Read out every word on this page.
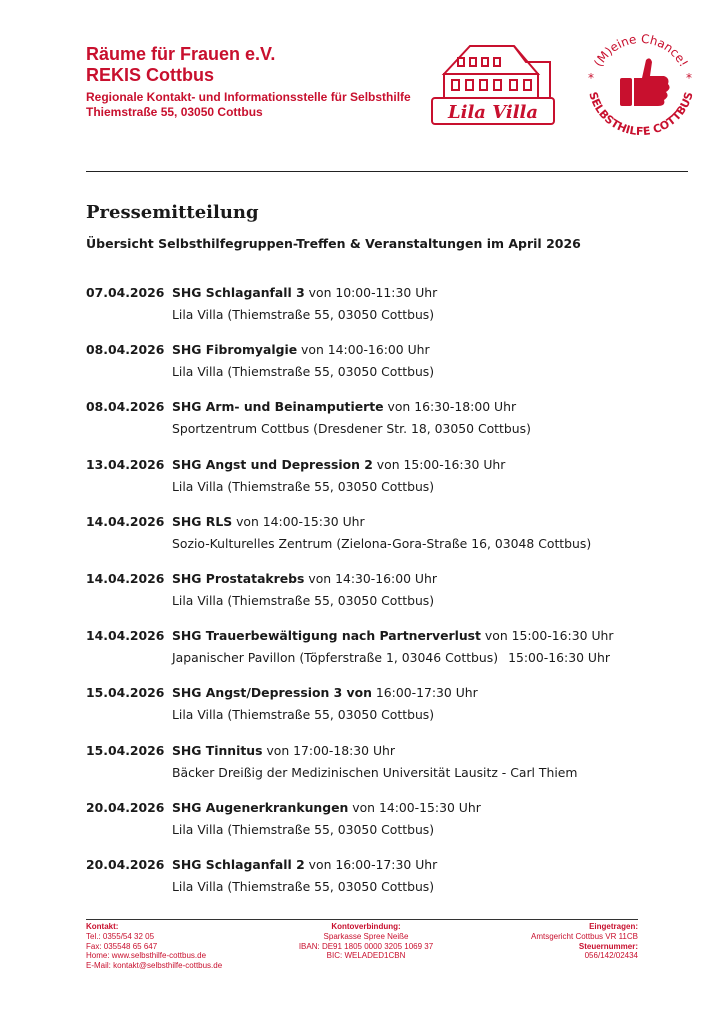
Räume für Frauen e.V.
REKIS Cottbus
Regionale Kontakt- und Informationsstelle für Selbsthilfe
Thiemstraße 55, 03050 Cottbus	Lila Villa
(M)eine Chance!
SELBSTHILFE COTTBUS
*	*
Pressemitteilung
Übersicht Selbsthilfegruppen-Treffen & Veranstaltungen im April 2026
07.04.2026 SHG Schlaganfall 3 von 10:00-11:30 Uhr
Lila Villa (Thiemstraße 55, 03050 Cottbus)
08.04.2026 SHG Fibromyalgie von 14:00-16:00 Uhr
Lila Villa (Thiemstraße 55, 03050 Cottbus)
08.04.2026 SHG Arm- und Beinamputierte von 16:30-18:00 Uhr
Sportzentrum Cottbus (Dresdener Str. 18, 03050 Cottbus)
13.04.2026 SHG Angst und Depression 2 von 15:00-16:30 Uhr
Lila Villa (Thiemstraße 55, 03050 Cottbus)
14.04.2026 SHG RLS von 14:00-15:30 Uhr
Sozio-Kulturelles Zentrum (Zielona-Gora-Straße 16, 03048 Cottbus)
14.04.2026 SHG Prostatakrebs von 14:30-16:00 Uhr
Lila Villa (Thiemstraße 55, 03050 Cottbus)
14.04.2026 SHG Trauerbewältigung nach Partnerverlust von 15:00-16:30 Uhr
Japanischer Pavillon (Töpferstraße 1, 03046 Cottbus) 15:00-16:30 Uhr
15.04.2026 SHG Angst/Depression 3 von 16:00-17:30 Uhr
Lila Villa (Thiemstraße 55, 03050 Cottbus)
15.04.2026 SHG Tinnitus von 17:00-18:30 Uhr
Bäcker Dreißig der Medizinischen Universität Lausitz - Carl Thiem
20.04.2026 SHG Augenerkrankungen von 14:00-15:30 Uhr
Lila Villa (Thiemstraße 55, 03050 Cottbus)
20.04.2026 SHG Schlaganfall 2 von 16:00-17:30 Uhr
Lila Villa (Thiemstraße 55, 03050 Cottbus)
Kontakt:
Tel.: 0355/54 32 05
Fax: 035548 65 647
Home: www.selbsthilfe-cottbus.de
E-Mail: kontakt@selbsthilfe-cottbus.de
Kontoverbindung:
Sparkasse Spree Neiße
IBAN: DE91 1805 0000 3205 1069 37
BIC: WELADED1CBN
Eingetragen:
Amtsgericht Cottbus VR 11CB
Steuernummer:
056/142/02434
